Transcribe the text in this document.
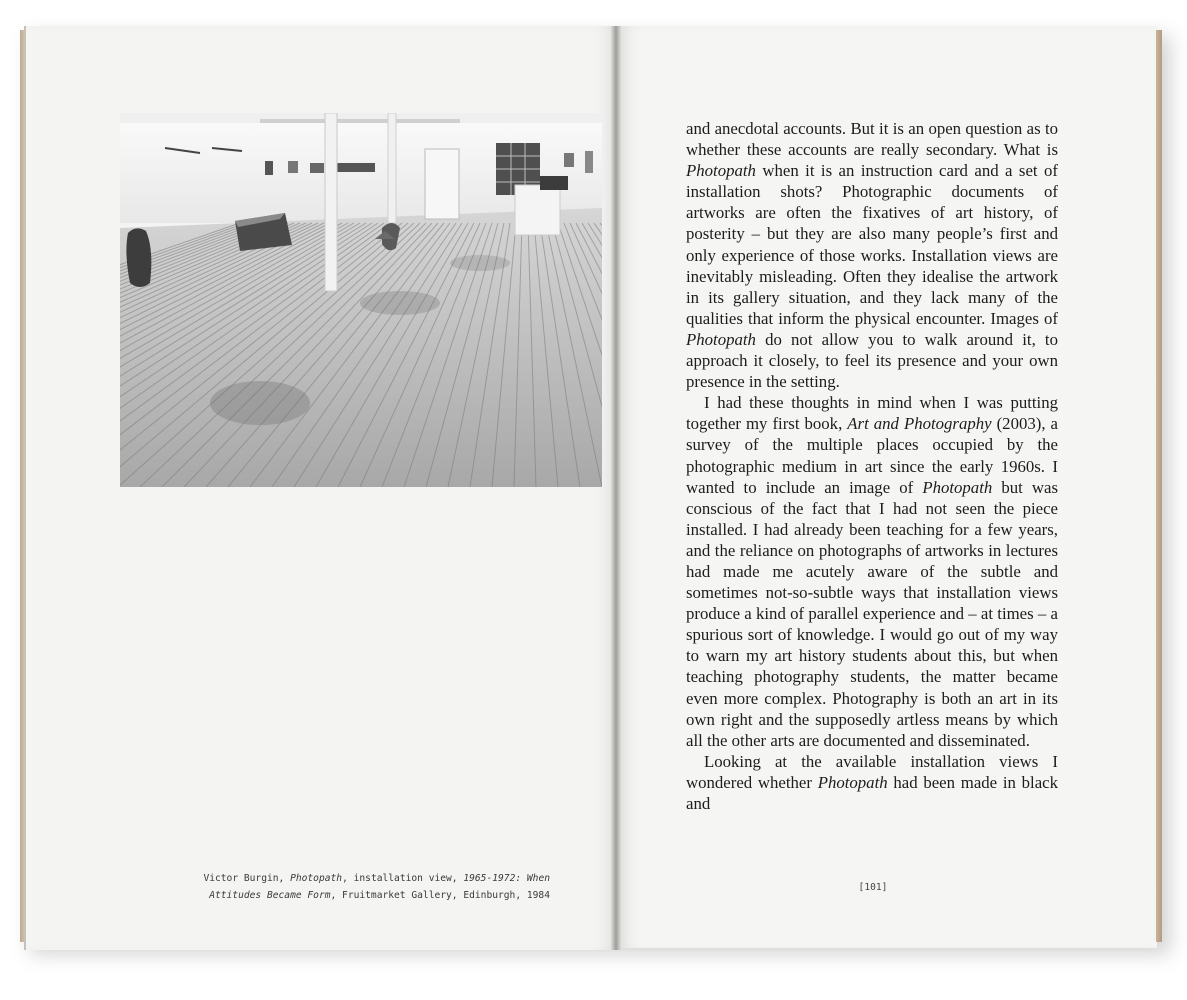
Victor Burgin, Photopath, installation view, 1965-1972: When Attitudes Became Form, Fruitmarket Gallery, Edinburgh, 1984

and anecdotal accounts. But it is an open question as to whether these accounts are really secondary. What is Photopath when it is an instruction card and a set of installation shots? Photographic documents of artworks are often the fixatives of art history, of posterity – but they are also many people’s first and only experience of those works. Installation views are inevitably misleading. Often they idealise the artwork in its gallery situation, and they lack many of the qualities that inform the physical encounter. Images of Photopath do not allow you to walk around it, to approach it closely, to feel its presence and your own presence in the setting.

I had these thoughts in mind when I was putting together my first book, Art and Photography (2003), a survey of the multiple places occupied by the photographic medium in art since the early 1960s. I wanted to include an image of Photopath but was conscious of the fact that I had not seen the piece installed. I had already been teaching for a few years, and the reliance on photographs of artworks in lectures had made me acutely aware of the subtle and sometimes not-so-subtle ways that installation views produce a kind of parallel experience and – at times – a spurious sort of knowledge. I would go out of my way to warn my art history students about this, but when teaching photography students, the matter became even more complex. Photography is both an art in its own right and the supposedly artless means by which all the other arts are documented and disseminated.

Looking at the available installation views I wondered whether Photopath had been made in black and

[101]
